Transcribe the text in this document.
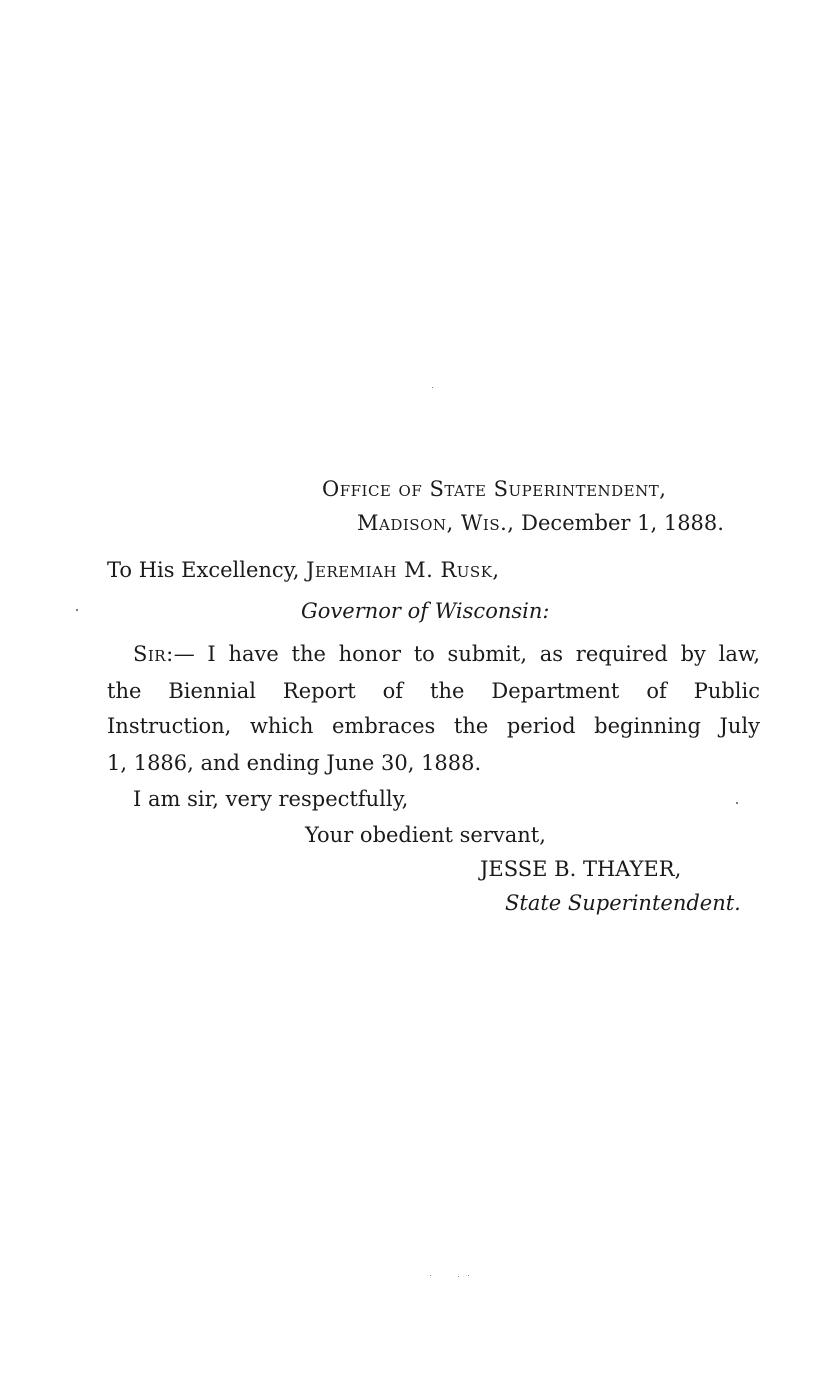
Office of State Superintendent,
Madison, Wis., December 1, 1888.
To His Excellency, Jeremiah M. Rusk,
Governor of Wisconsin:
Sir:— I have the honor to submit, as required by law,
the Biennial Report of the Department of Public
Instruction, which embraces the period beginning July
1, 1886, and ending June 30, 1888.
I am sir, very respectfully,
Your obedient servant,
JESSE B. THAYER,
State Superintendent.
